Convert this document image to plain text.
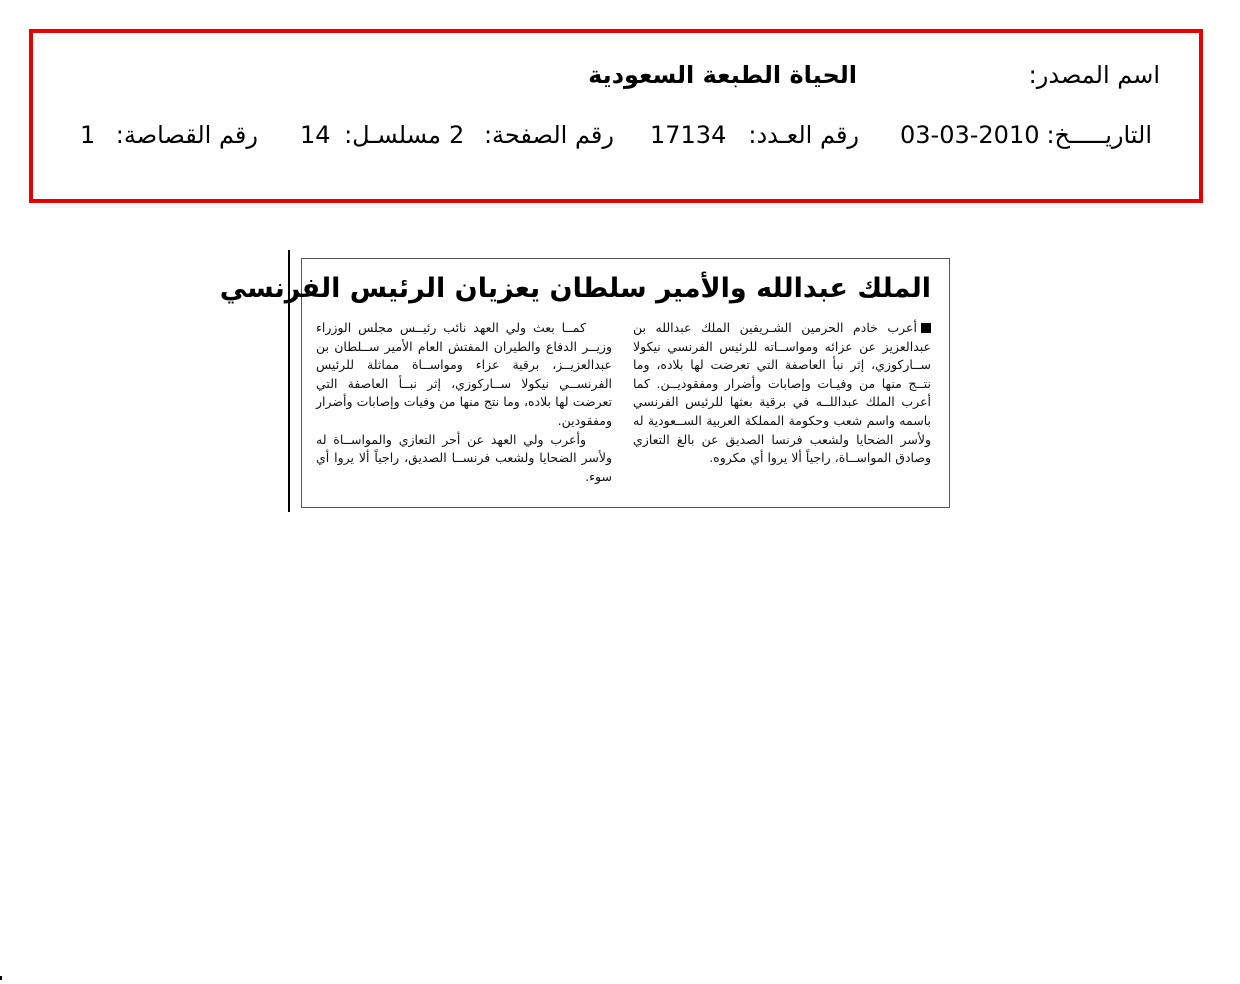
اسم المصدر:
الحياة الطبعة السعودية
التاريـــــخ:
03-03-2010
رقم العـدد:
17134
رقم الصفحة:
2
مسلسـل:
14
رقم القصاصة:
1
الملك عبدالله والأمير سلطان يعزيان الرئيس الفرنسي

أعرب خادم الحرمين الشـريفين الملك عبدالله بن عبدالعزيز عن عزائه ومواســاته للرئيس الفرنسي نيكولا ســاركوزي، إثر نبأ العاصفة التي تعرضت لها بلاده، وما نتــج منها من وفيـات وإصابات وأضرار ومفقوديــن. كما أعرب الملك عبداللــه في برقية بعثها للرئيس الفرنسي باسمه واسم شعب وحكومة المملكة العربية الســعودية له ولأسر الضحايا ولشعب فرنسا الصديق عن بالغ التعازي وصادق المواســاة، راجياً ألا يروا أي مكروه.

كمــا بعث ولي العهد نائب رئيــس مجلس الوزراء وزيــر الدفاع والطيران المفتش العام الأمير ســلطان بن عبدالعزيــز، برقية عزاء ومواســاة مماثلة للرئيس الفرنســي نيكولا ســاركوزي، إثر نبــأ العاصفة التي تعرضت لها بلاده، وما نتج منها من وفيات وإصابات وأضرار ومفقودين.

وأعرب ولي العهد عن أحر التعازي والمواســاة له ولأسر الضحايا ولشعب فرنســا الصديق، راجياً ألا يروا أي سوء.
